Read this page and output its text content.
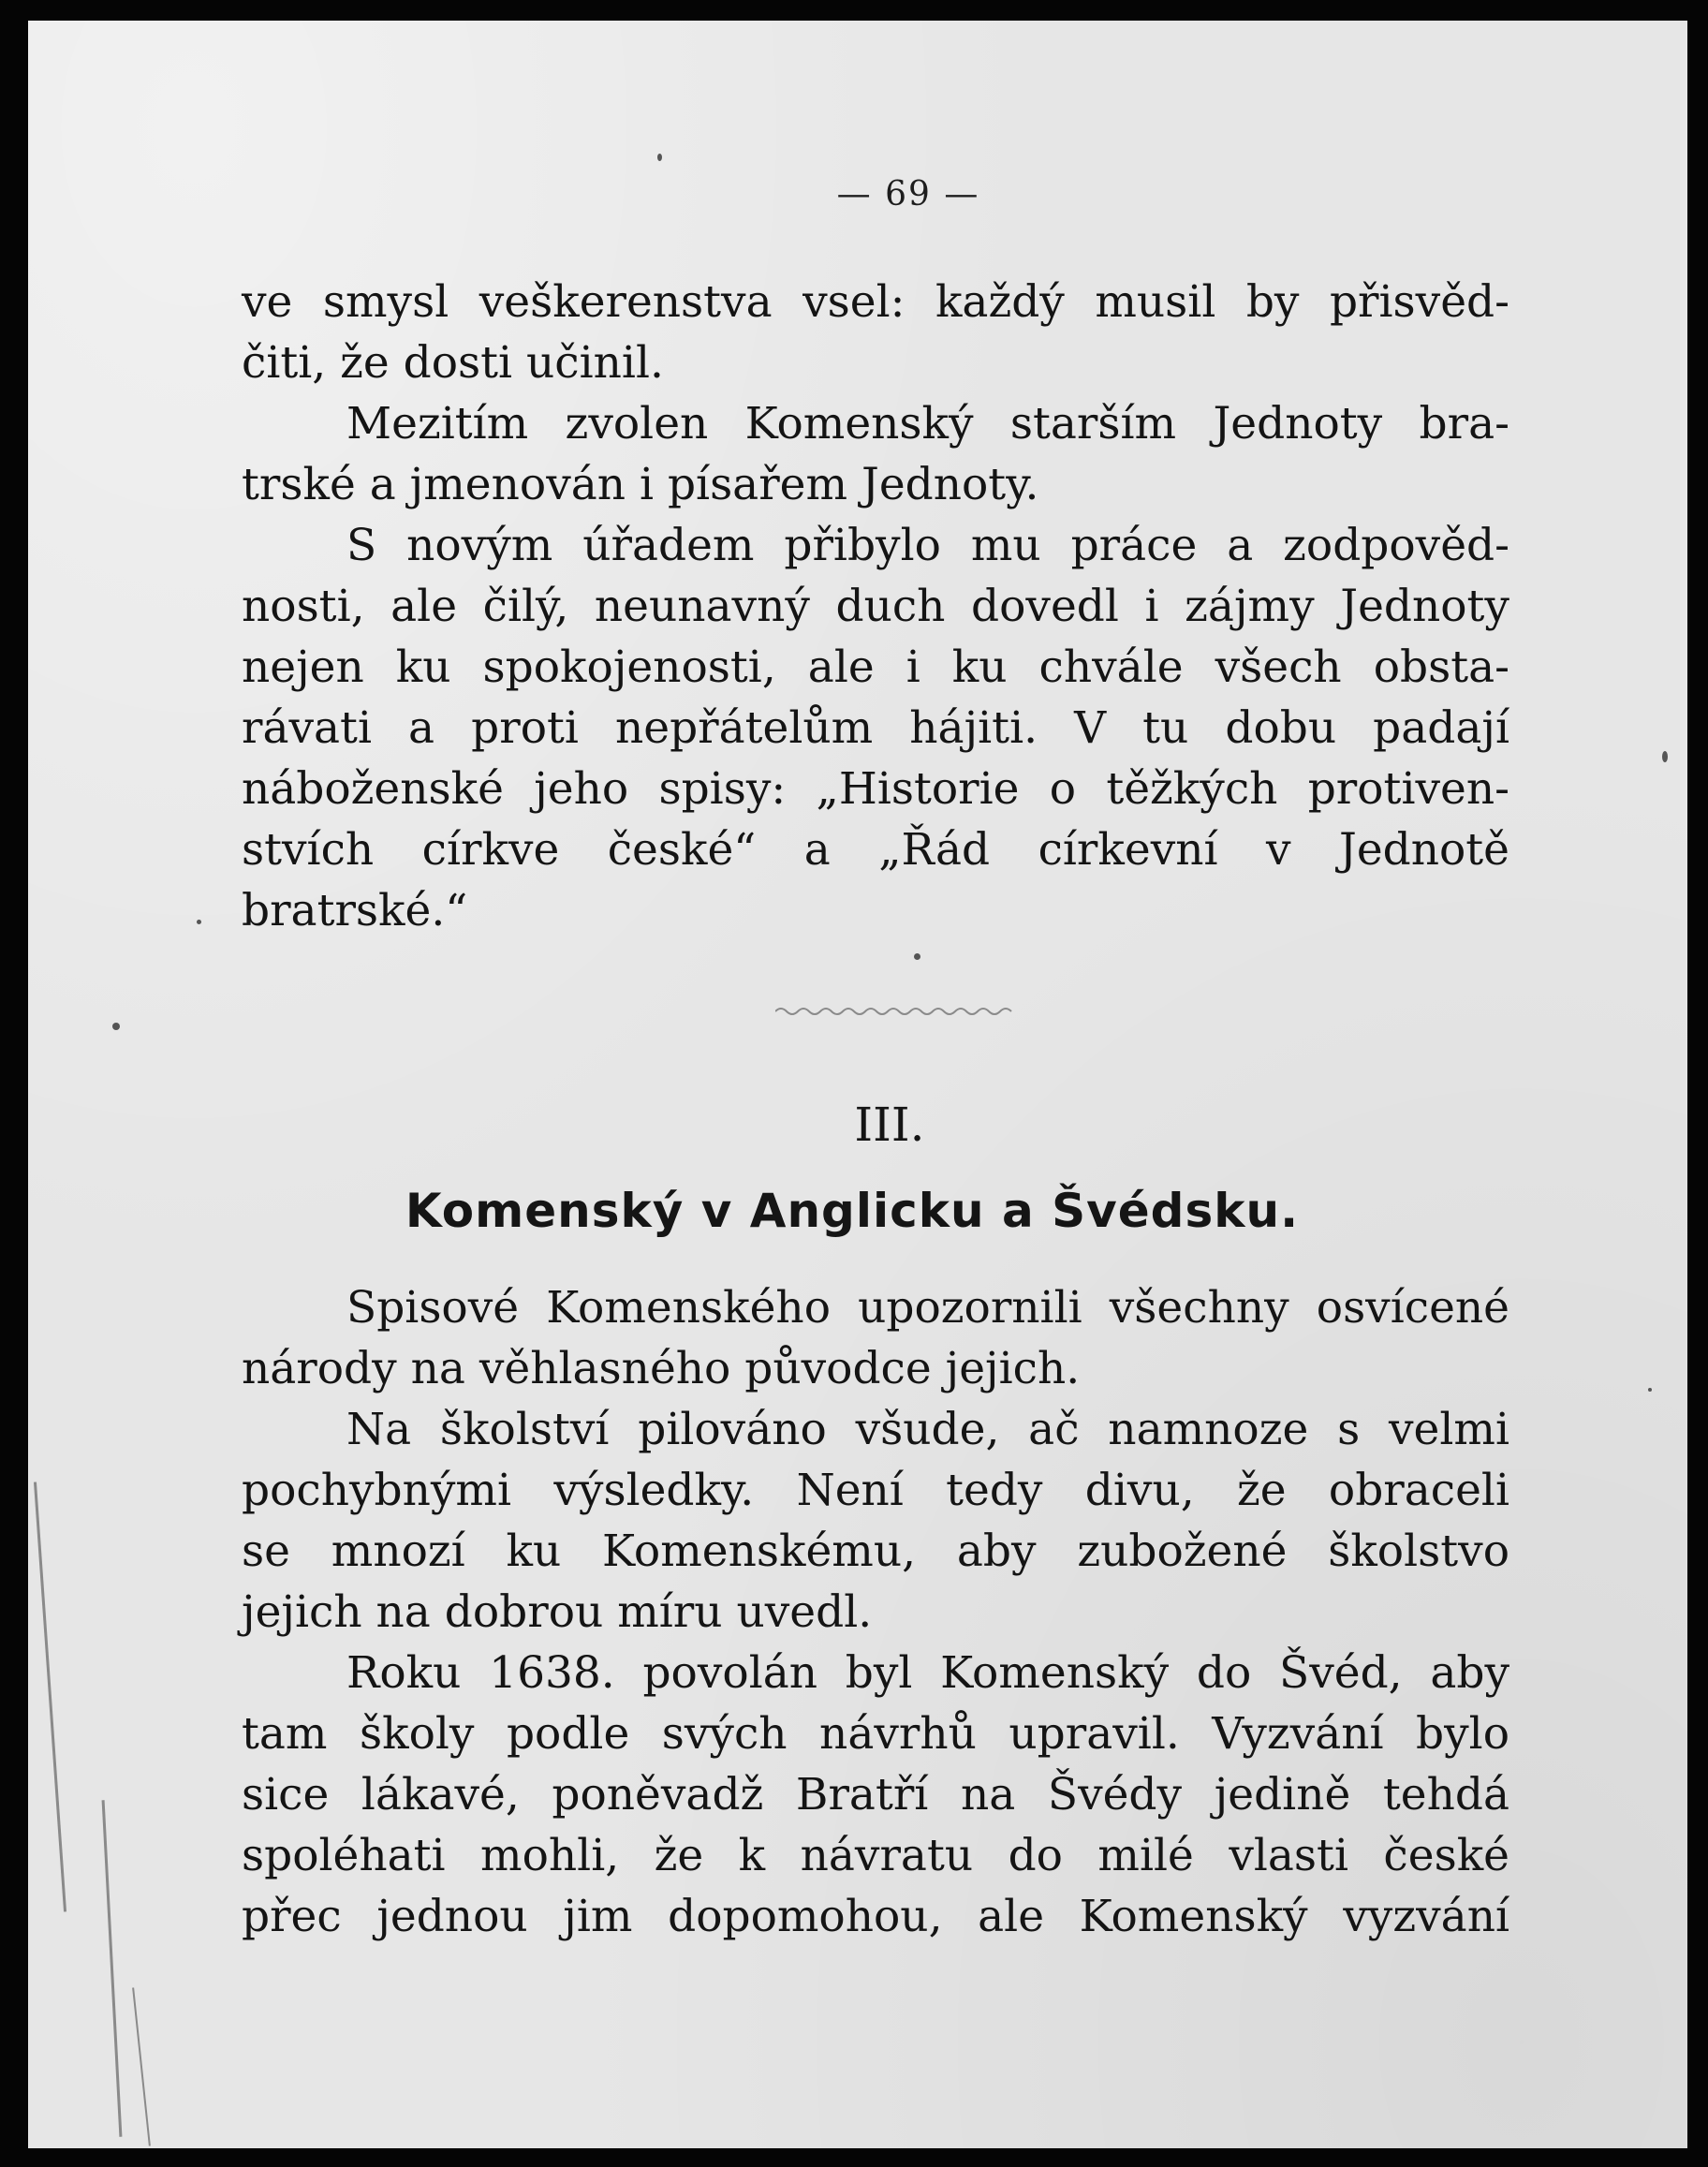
— 69 —
ve smysl veškerenstva vsel: každý musil by přisvěd-
čiti, že dosti učinil.
Mezitím zvolen Komenský starším Jednoty bra-
trské a jmenován i písařem Jednoty.
S novým úřadem přibylo mu práce a zodpověd-
nosti, ale čilý, neunavný duch dovedl i zájmy Jednoty
nejen ku spokojenosti, ale i ku chvále všech obsta-
rávati a proti nepřátelům hájiti. V tu dobu padají
náboženské jeho spisy: „Historie o těžkých protiven-
stvích církve české“ a „Řád církevní v Jednotě
bratrské.“
III.
Komenský v Anglicku a Švédsku.
Spisové Komenského upozornili všechny osvícené
národy na věhlasného původce jejich.
Na školství pilováno všude, ač namnoze s velmi
pochybnými výsledky. Není tedy divu, že obraceli
se mnozí ku Komenskému, aby zubožené školstvo
jejich na dobrou míru uvedl.
Roku 1638. povolán byl Komenský do Švéd, aby
tam školy podle svých návrhů upravil. Vyzvání bylo
sice lákavé, poněvadž Bratří na Švédy jedině tehdá
spoléhati mohli, že k návratu do milé vlasti české
přec jednou jim dopomohou, ale Komenský vyzvání
